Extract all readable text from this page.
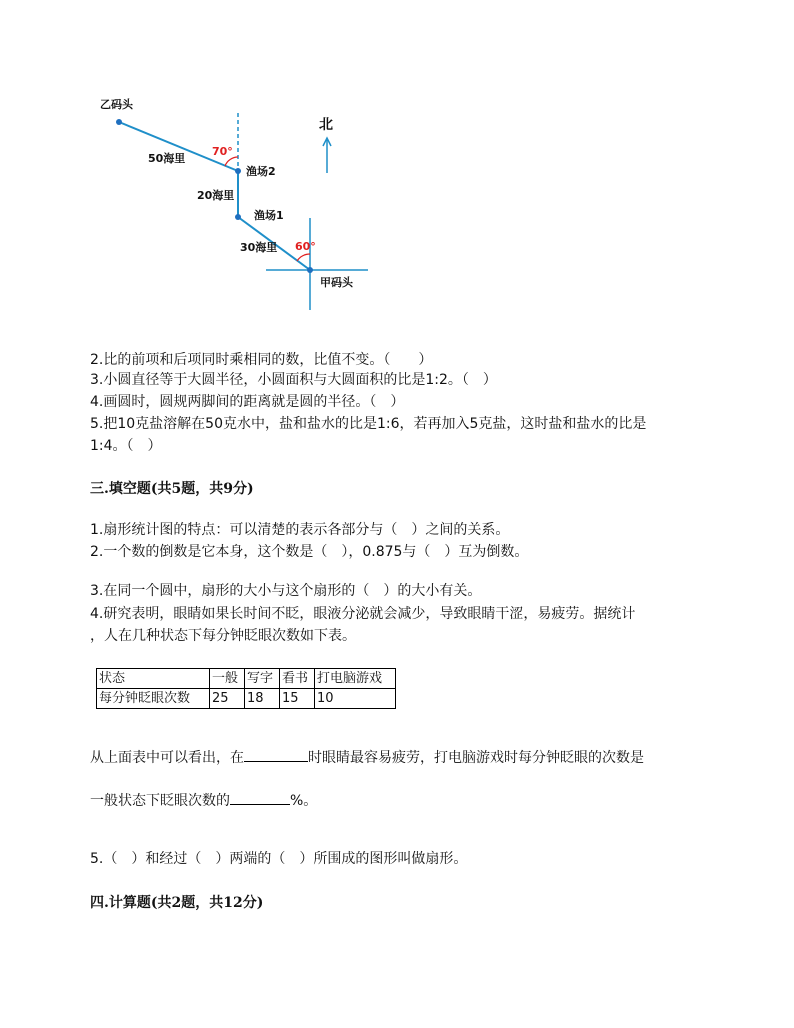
乙码头
50海里
70°
渔场2
20海里
渔场1
30海里 60°
甲码头
北
2.比的前项和后项同时乘相同的数，比值不变。（　　）
3.小圆直径等于大圆半径，小圆面积与大圆面积的比是1:2。（　）
4.画圆时，圆规两脚间的距离就是圆的半径。（　）
5.把10克盐溶解在50克水中，盐和盐水的比是1:6，若再加入5克盐，这时盐和盐水的比是
1:4。（　）
三.填空题(共5题，共9分)
1.扇形统计图的特点：可以清楚的表示各部分与（　）之间的关系。
2.一个数的倒数是它本身，这个数是（　），0.875与（　）互为倒数。
3.在同一个圆中，扇形的大小与这个扇形的（　）的大小有关。
4.研究表明，眼睛如果长时间不眨，眼液分泌就会减少，导致眼睛干涩，易疲劳。据统计
，人在几种状态下每分钟眨眼次数如下表。
状态	一般	写字	看书	打电脑游戏
每分钟眨眼次数	25	18	15	10
从上面表中可以看出，在	时眼睛最容易疲劳，打电脑游戏时每分钟眨眼的次数是
一般状态下眨眼次数的	%。
5.（　）和经过（　）两端的（　）所围成的图形叫做扇形。
四.计算题(共2题，共12分)
